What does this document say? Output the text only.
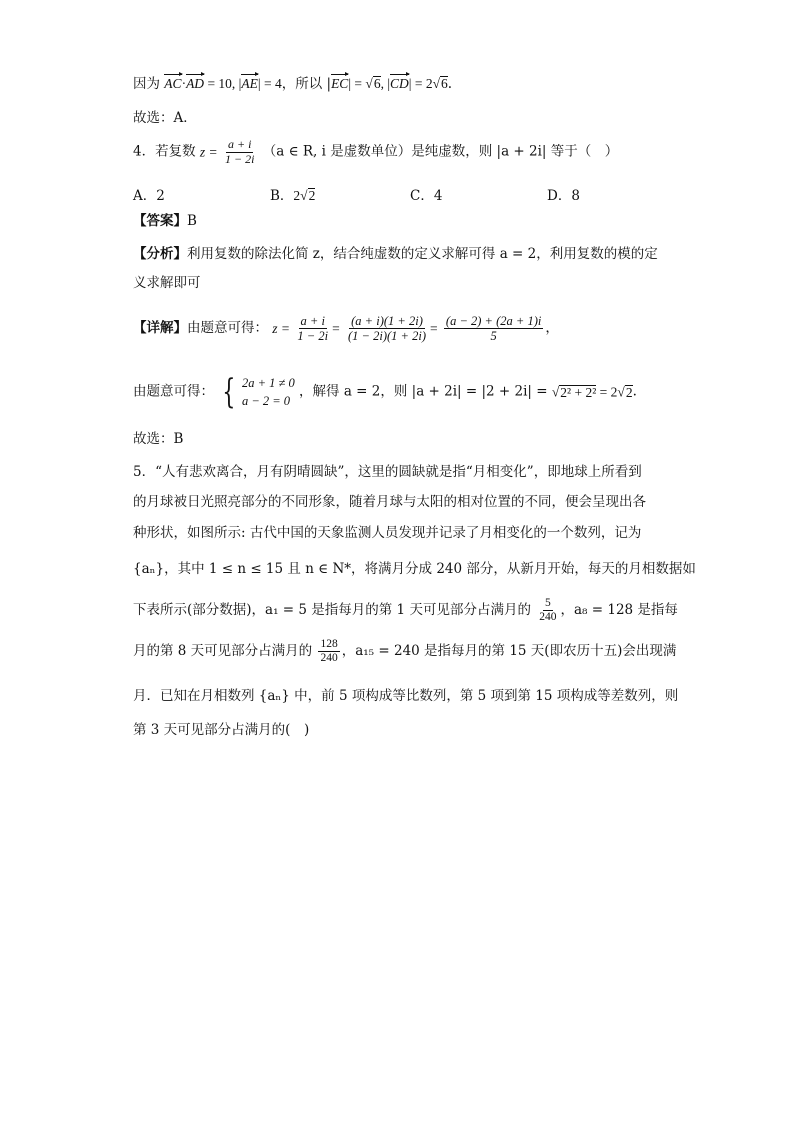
因为 AC·AD = 10, |AE| = 4，所以 |EC| = √6, |CD| = 2√6.
故选：A．
4．若复数 $z = \frac{a + i}{1 - 2i} (a$ ∈ R, i 是虚数单位）是纯虚数，则 |a + 2i| 等于（　）
A．2	B．2√2	C．4	D．8
【答案】B
【分析】利用复数的除法化简 z，结合纯虚数的定义求解可得 a = 2，利用复数的模的定
义求解即可
【详解】由题意可得： $z = \frac{a + i}{1 - 2i} = \frac{(a + i)(1 + 2i)}{(1 - 2i)(1 + 2i)} = \frac{(a - 2) + (2a + 1)i}{5}$ ，
由题意可得： { 2a + 1 ≠ 0
a − 2 = 0
，解得 a = 2，则 |a + 2i| = |2 + 2i| = √2² + 2² = 2√2.
故选：B
5．“人有悲欢离合，月有阴晴圆缺”，这里的圆缺就是指“月相变化”，即地球上所看到
的月球被日光照亮部分的不同形象，随着月球与太阳的相对位置的不同，便会呈现出各
种形状，如图所示: 古代中国的天象监测人员发现并记录了月相变化的一个数列，记为
{aₙ}，其中 1 ≤ n ≤ 15 且 n ∈ N*，将满月分成 240 部分，从新月开始，每天的月相数据如
下表所示(部分数据)，a₁ = 5 是指每月的第 1 天可见部分占满月的 $\frac{5}{240}$ ，a₈ = 128 是指每
月的第 8 天可见部分占满月的 $\frac{128}{240}$ ，a₁₅ = 240 是指每月的第 15 天(即农历十五)会出现满
月．已知在月相数列 {aₙ} 中，前 5 项构成等比数列，第 5 项到第 15 项构成等差数列，则
第 3 天可见部分占满月的(　)
